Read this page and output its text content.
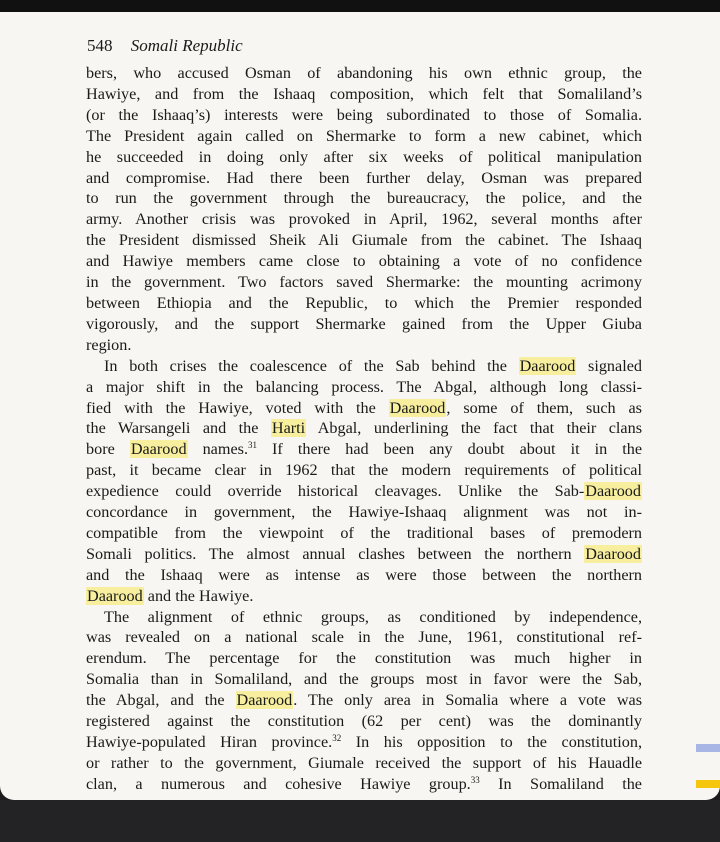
548 Somali Republic
bers, who accused Osman of abandoning his own ethnic group, the
Hawiye, and from the Ishaaq composition, which felt that Somaliland’s
(or the Ishaaq’s) interests were being subordinated to those of Somalia.
The President again called on Shermarke to form a new cabinet, which
he succeeded in doing only after six weeks of political manipulation
and compromise. Had there been further delay, Osman was prepared
to run the government through the bureaucracy, the police, and the
army. Another crisis was provoked in April, 1962, several months after
the President dismissed Sheik Ali Giumale from the cabinet. The Ishaaq
and Hawiye members came close to obtaining a vote of no confidence
in the government. Two factors saved Shermarke: the mounting acrimony
between Ethiopia and the Republic, to which the Premier responded
vigorously, and the support Shermarke gained from the Upper Giuba
region.
In both crises the coalescence of the Sab behind the Daarood signaled
a major shift in the balancing process. The Abgal, although long classi-
fied with the Hawiye, voted with the Daarood, some of them, such as
the Warsangeli and the Harti Abgal, underlining the fact that their clans
bore Daarood names.$^{31}$ If there had been any doubt about it in the
past, it became clear in 1962 that the modern requirements of political
expedience could override historical cleavages. Unlike the Sab-Daarood
concordance in government, the Hawiye-Ishaaq alignment was not in-
compatible from the viewpoint of the traditional bases of premodern
Somali politics. The almost annual clashes between the northern Daarood
and the Ishaaq were as intense as were those between the northern
Daarood and the Hawiye.
The alignment of ethnic groups, as conditioned by independence,
was revealed on a national scale in the June, 1961, constitutional ref-
erendum. The percentage for the constitution was much higher in
Somalia than in Somaliland, and the groups most in favor were the Sab,
the Abgal, and the Daarood. The only area in Somalia where a vote was
registered against the constitution (62 per cent) was the dominantly
Hawiye-populated Hiran province.$^{32}$ In his opposition to the constitution,
or rather to the government, Giumale received the support of his Hauadle
clan, a numerous and cohesive Hawiye group.$^{33}$ In Somaliland the
